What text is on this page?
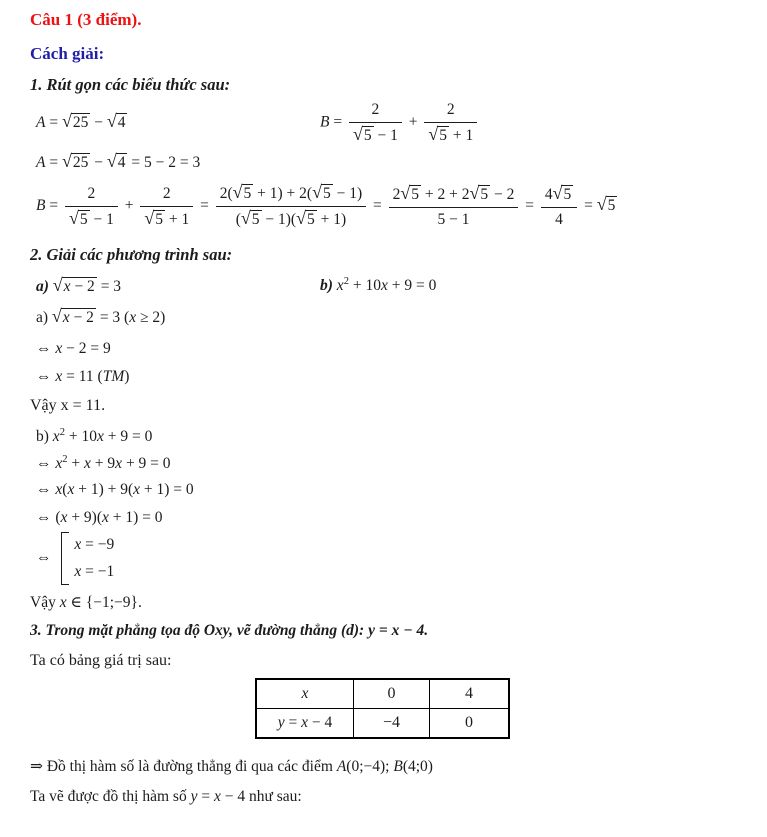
Câu 1 (3 điểm).

Cách giải:

1. Rút gọn các biểu thức sau:

A = √ 25 − √ 4	B = 2
√ 5 − 1 + 2
√ 5 + 1
A = √ 25 − √ 4 = 5 − 2 = 3
B = 2
√ 5 − 1 + 2
√ $5 + 1 = \frac{2( √ 5 + 1) + 2( √ 5 - 1)}{( √ 5 - 1)( √ 5 + 1)} = \frac{2 √ 5 + 2 + 2 √ 5 - 2}{5 - 1} = \frac{4 √ 5}{4}$ = √ 5

2. Giải các phương trình sau:

a) √ x − 2 = 3	b) $x^2 + 10x + 9 = 0$
a) √ x − 2 = 3 (x ≥ 2)
⇔ x − 2 = 9
⇔ x = 11 (TM)

Vậy x = 11.

b) $x^2 + 10x + 9 = 0$
⇔ $x^2 + x + 9x + 9 = 0$
⇔ x(x + 1) + 9(x + 1) = 0
⇔ (x + 9)(x + 1) = 0
⇔
x = −9
x = −1
Vậy x ∈ {−1;−9}.
3. Trong mặt phẳng tọa độ Oxy, vẽ đường thẳng (d): y = x − 4.

Ta có bảng giá trị sau:

x	0	4
y = x − 4	−4	0
⇒ Đồ thị hàm số là đường thẳng đi qua các điểm A(0;−4); B(4;0)
Ta vẽ được đồ thị hàm số y = x − 4 như sau:
